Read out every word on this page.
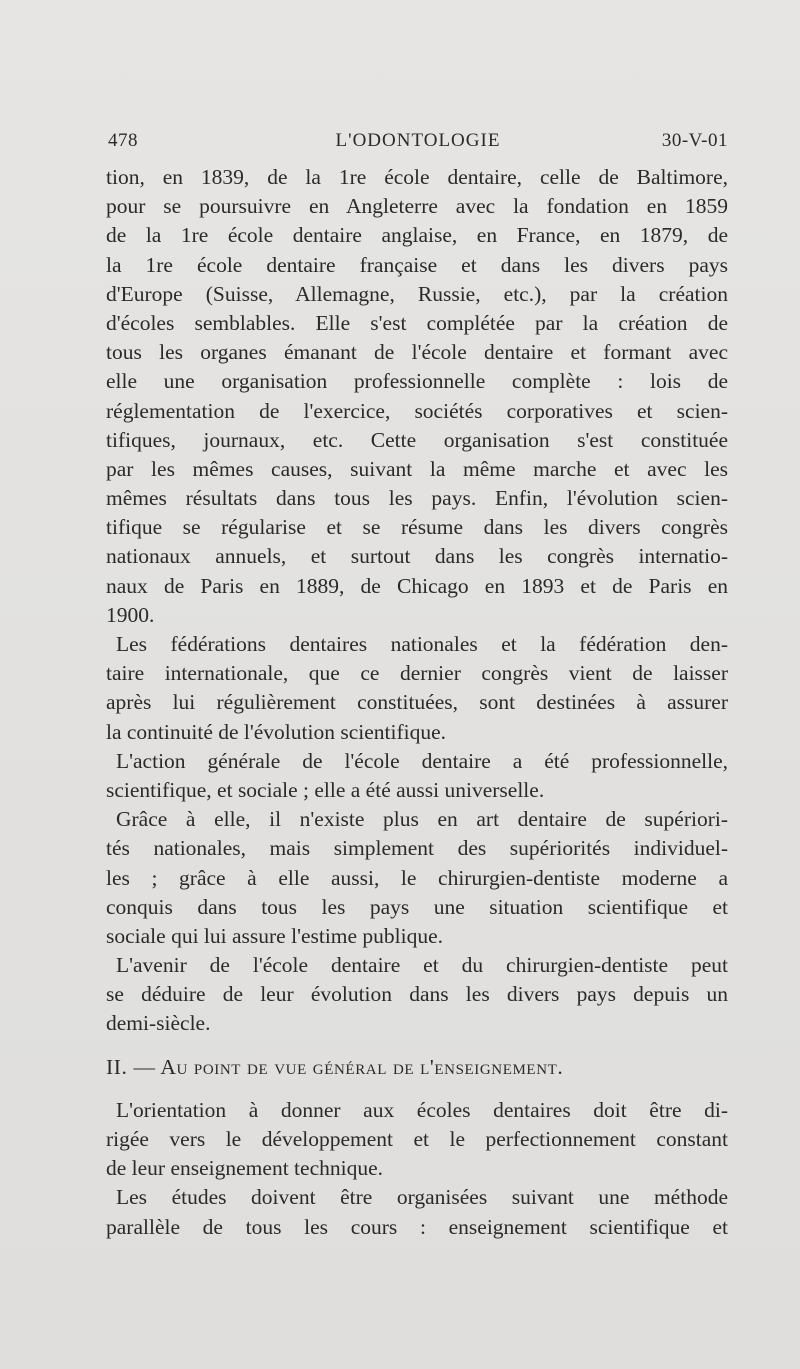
478	L'ODONTOLOGIE	30-V-01
tion, en 1839, de la 1re école dentaire, celle de Baltimore,
pour se poursuivre en Angleterre avec la fondation en 1859
de la 1re école dentaire anglaise, en France, en 1879, de
la 1re école dentaire française et dans les divers pays
d'Europe (Suisse, Allemagne, Russie, etc.), par la création
d'écoles semblables. Elle s'est complétée par la création de
tous les organes émanant de l'école dentaire et formant avec
elle une organisation professionnelle complète : lois de
réglementation de l'exercice, sociétés corporatives et scien-
tifiques, journaux, etc. Cette organisation s'est constituée
par les mêmes causes, suivant la même marche et avec les
mêmes résultats dans tous les pays. Enfin, l'évolution scien-
tifique se régularise et se résume dans les divers congrès
nationaux annuels, et surtout dans les congrès internatio-
naux de Paris en 1889, de Chicago en 1893 et de Paris en
1900.
Les fédérations dentaires nationales et la fédération den-
taire internationale, que ce dernier congrès vient de laisser
après lui régulièrement constituées, sont destinées à assurer
la continuité de l'évolution scientifique.
L'action générale de l'école dentaire a été professionnelle,
scientifique, et sociale ; elle a été aussi universelle.
Grâce à elle, il n'existe plus en art dentaire de supériori-
tés nationales, mais simplement des supériorités individuel-
les ; grâce à elle aussi, le chirurgien-dentiste moderne a
conquis dans tous les pays une situation scientifique et
sociale qui lui assure l'estime publique.
L'avenir de l'école dentaire et du chirurgien-dentiste peut
se déduire de leur évolution dans les divers pays depuis un
demi-siècle.
II. — Au point de vue général de l'enseignement.
L'orientation à donner aux écoles dentaires doit être di-
rigée vers le développement et le perfectionnement constant
de leur enseignement technique.
Les études doivent être organisées suivant une méthode
parallèle de tous les cours : enseignement scientifique et
